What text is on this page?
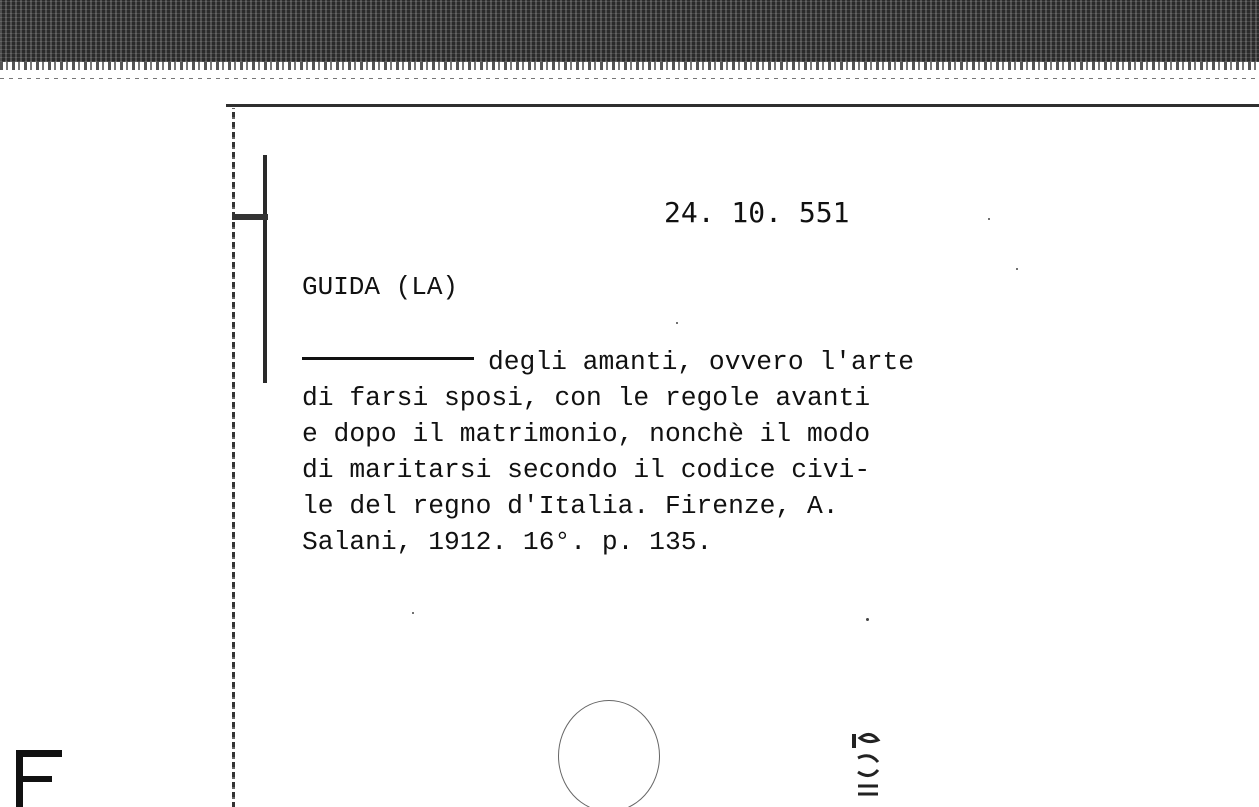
24. 10. 551
GUIDA (LA)
degli amanti, ovvero l'arte
di farsi sposi, con le regole avanti
e dopo il matrimonio, nonchè il modo
di maritarsi secondo il codice civi-
le del regno d'Italia. Firenze, A.
Salani, 1912. 16°. p. 135.
